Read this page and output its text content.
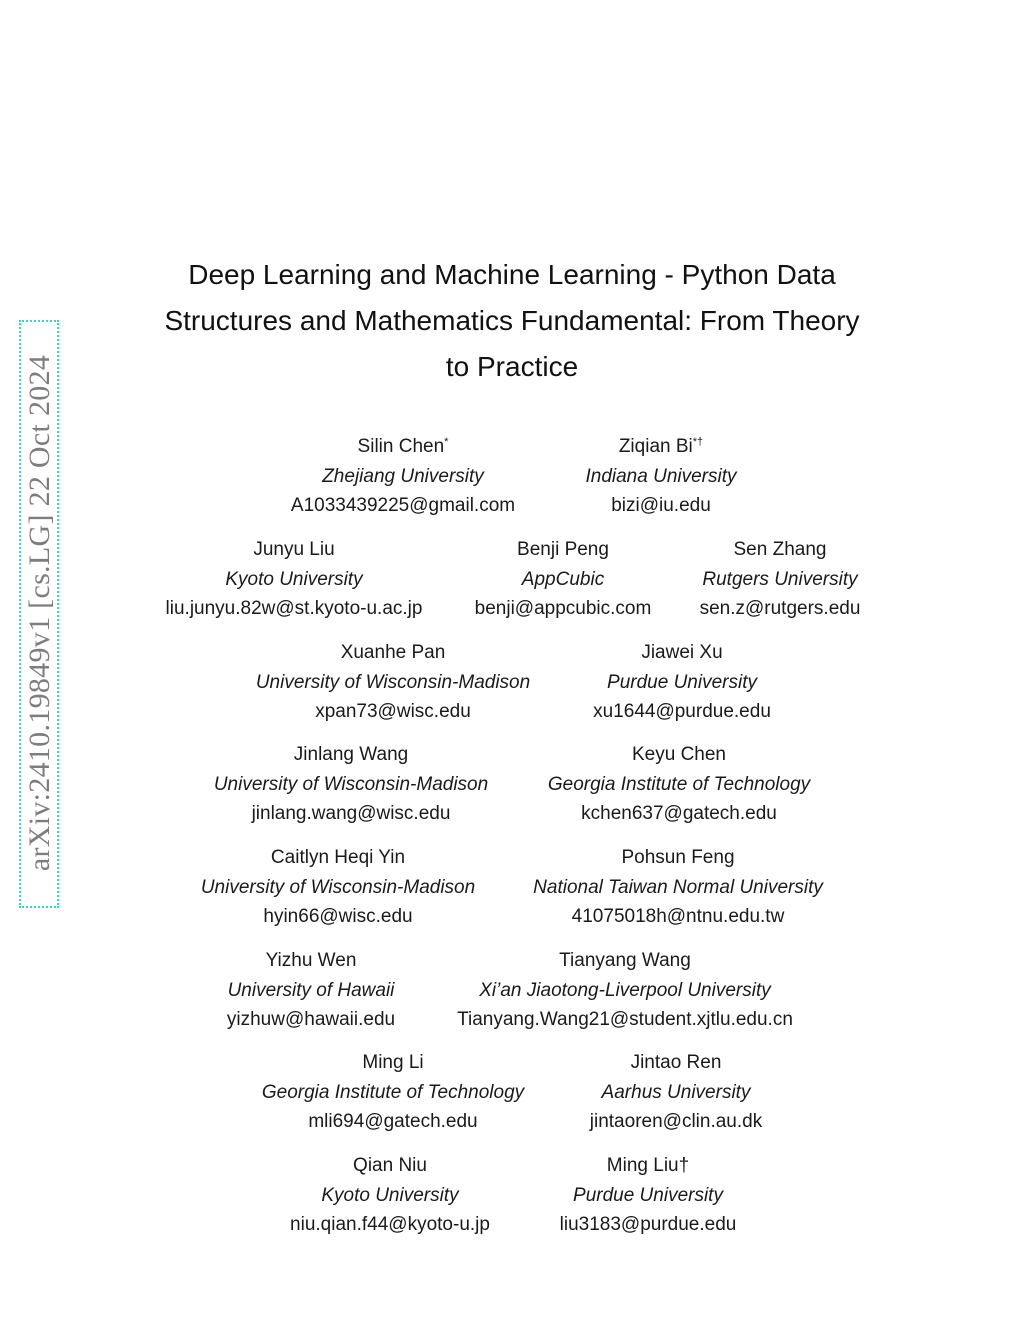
arXiv:2410.19849v1 [cs.LG] 22 Oct 2024
Deep Learning and Machine Learning - Python Data Structures and Mathematics Fundamental: From Theory to Practice
Silin Chen*
Zhejiang University
A1033439225@gmail.com
Ziqian Bi*†
Indiana University
bizi@iu.edu
Junyu Liu
Kyoto University
liu.junyu.82w@st.kyoto-u.ac.jp
Benji Peng
AppCubic
benji@appcubic.com
Sen Zhang
Rutgers University
sen.z@rutgers.edu
Xuanhe Pan
University of Wisconsin-Madison
xpan73@wisc.edu
Jiawei Xu
Purdue University
xu1644@purdue.edu
Jinlang Wang
University of Wisconsin-Madison
jinlang.wang@wisc.edu
Keyu Chen
Georgia Institute of Technology
kchen637@gatech.edu
Caitlyn Heqi Yin
University of Wisconsin-Madison
hyin66@wisc.edu
Pohsun Feng
National Taiwan Normal University
41075018h@ntnu.edu.tw
Yizhu Wen
University of Hawaii
yizhuw@hawaii.edu
Tianyang Wang
Xi’an Jiaotong-Liverpool University
Tianyang.Wang21@student.xjtlu.edu.cn
Ming Li
Georgia Institute of Technology
mli694@gatech.edu
Jintao Ren
Aarhus University
jintaoren@clin.au.dk
Qian Niu
Kyoto University
niu.qian.f44@kyoto-u.jp
Ming Liu†
Purdue University
liu3183@purdue.edu
